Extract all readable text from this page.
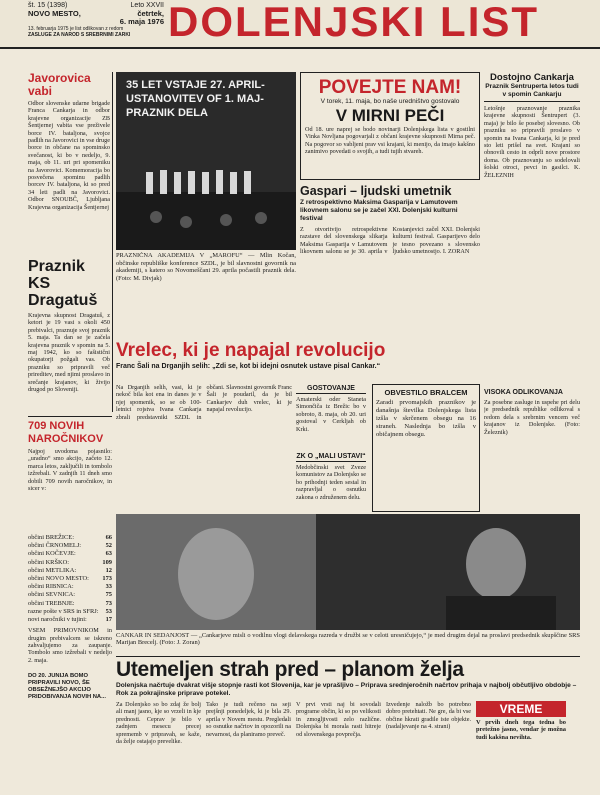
št. 15 (1398)	Leto XXVII
NOVO MESTO,	četrtek,
6. maja 1976
13. februarja 1975 je list odlikovan z redom
ZASLUGE ZA NAROD S SREBRNIMI ZARKI DOLENJSKI LIST
Javorovica vabi
Odbor slovenske udarne brigade Franca Cankarja in odbor krajevne organizacije ZB Šentjernej vabita vse preživele borce IV. bataljona, svojce padlih na Javorovici in vse druge borce in občane na spominsko svečanost, ki bo v nedeljo, 9. maja, ob 11. uri pri spomeniku na Javorovici. Komemoracija bo posvečena spominu padlih borcev IV. bataljona, ki so pred 34 leti padli na Javorovici. Odbor SNOUBČ, Ljubljana Krajevna organizacija Šentjernej
Praznik KS Dragatuš
Krajevna skupnost Dragatuš, z ketori je 19 vasi s okoli 450 prebivalci, praznuje svoj praznik 5. maja. Ta dan se je začela krajevna praznik v spomin na 5. maj 1942, ko so fašistični okupatorji požgali vas. Ob prazniku so pripravili več prireditev, med njimi proslavo in srečanje krajanov, ki živijo drugod po Sloveniji.
35 LET VSTAJE 27. APRIL-USTANOVITEV OF 1. MAJ-PRAZNIK DELA
PRAZNIČNA AKADEMIJA V „MAROFU“ — Mlin Kočan, občinske republiške konference SZDL, je bil slavnostni govornik na akademiji, s katero so Novomeščani 29. aprila počastili praznik dela. (Foto: M. Divjak)
POVEJTE NAM!
V torek, 11. maja, bo naše uredništvo gostovalo
V MIRNI PEČI
Od 18. ure naprej se bodo novinarji Dolenjskega lista v gostilni Vinka Novljana pogovarjali z občani krajevne skupnosti Mirna peč. Na pogovor so vabljeni prav vsi krajani, ki menijo, da imajo kakšno zanimivo povedati o svojih, a tudi tujih stvareh.
Dostojno Cankarja
Praznik Sentruperta letos tudi v spomin Cankarju
Letošnje praznovanje praznika krajevne skupnosti Šentrupert (3. maja) je bilo še posebej slovesno. Ob prazniku so pripravili proslavo v spomin na Ivana Cankarja, ki je pred sto leti prišel na svet. Krajani so obnovili cesto in odprli nove prostore doma. Ob praznovanju so sodelovali šolski otroci, pevci in gasilci. K. ŽELEZNIH
Gaspari – ljudski umetnik
Z retrospektivno Maksima Gasparija v Lamutovem likovnem salonu se je začel XXI. Dolenjski kulturni festival
Z otvoritvijo retrospektivne razstave del slovenskega slikarja Maksima Gasparija v Lamutovem likovnem salonu se je 30. aprila v Kostanjevici začel XXI. Dolenjski kulturni festival. Gasparijevo delo je tesno povezano s slovensko ljudsko umetnostjo. I. ZORAN
Vrelec, ki je napajal revolucijo
Franc Šali na Drganjih selih: „Zdi se, kot bi idejni osnutek ustave pisal Cankar.“
Na Drganjih selih, vasi, ki je nekoč bila kot ena in danes je v njej spomenik, so se ob 100-letnici rojstva Ivana Cankarja zbrali predstavniki SZDL in občani. Slavnostni govornik Franc Šali je poudaril, da je bil Cankarjev duh vrelec, ki je napajal revolucijo.
GOSTOVANJE
Amaterski oder Staneta Simončiča iz Brežic bo v sobroto, 8. maja, ob 20. uri gostoval v Cerkljah ob Krki.
ZK O „MALI USTAVI“
Medobčinski svet Zveze komunistov za Dolenjsko se bo prihodnji teden sestal in razpravljal o osnutku zakona o združenem delu.
OBVESTILO BRALCEM
Zaradi prvomajskih praznikov je današnja številka Dolenjskega lista izšla v skrčenem obsegu na 16 straneh. Naslednja bo izšla v običajnem obsegu.
VISOKA ODLIKOVANJA
Za posebne zasluge in uspehe pri delu je predsednik republike odlikoval s redom dela s srebrnim vencem več krajanov iz Dolenjske. (Foto: Železnik)
709 NOVIH NAROČNIKOV
Najpoj uvodoma pojasnilo: „uradno“ smo akcijo, začeto 12. marca letos, zaključili in tombolo izžrebali. V zadnjih 11 dneh smo dobili 709 novih naročnikov, in sicer v:
občini BREŽICE:	66
občini ČRNOMELJ:	52
občini KOČEVJE:	63
občini KRŠKO:	109
občini METLIKA:	12
občini NOVO MESTO: 173
občini RIBNICA:	33
občini SEVNICA:	75
občini TREBNJE:	73
razne pošte v SRS in SFRJ: 53
novi naročniki v tujini:	17
VSEM PRIMOVNIKOM in drugim prebivalcem se iskreno zahvaljujemo za zaupanje. Tombolo smo izžrebali v nedeljo 2. maja.
DO 20. JUNIJA BOMO PRIPRAVILI NOVO, ŠE OBSEŽNEJŠO AKCIJO PRIDOBIVANJA NOVIH NA...
CANKAR IN SEDANJOST — „Cankarjeve misli o vodilnu vlogi delavskega razreda v družbi se v celoti uresničujejo,“ je med drugim dejal na proslavi predsednik skupščine SRS Marijan Brecelj. (Foto: J. Zoran)
Utemeljen strah pred – planom želja
Dolenjska načrtuje dvakrat višje stopnje rasti kot Slovenija, kar je vprašljivo – Priprava srednjeročnih načrtov prihaja v najbolj občutljivo obdobje – Rok za pokrajinske priprave potekel.
Za Dolenjsko so bo zdaj že bolj ali manj jasno, kje so vrzeli in kje prednosti. Ceprav je bilo v zadnjem mesecu precej sprememb v pripravah, se kaže, da želje ostajajo prevelike.
Tako je tudi rečeno na seji prejšnji ponedeljek, ki je bila 29. aprila v Novem mestu. Pregledali so osnutke načrtov in opozorili na nevarnost, da planiramo preveč.
V prvi vrsti naj bi sovodali programe občin, ki so po velikosti in zmogljivosti zelo različne. Dolenjska bi morala rasti hitreje od slovenskega povprečja.
Izvedenje naložb bo potrebno dobro pretehtati. Ne gre, da bi vse občine hkrati gradile iste objekte. (nadaljevanje na 4. strani)
VREME
V prvih dneh tega tedna bo pretežno jasno, vendar je možna tudi kakšna nevihta.
